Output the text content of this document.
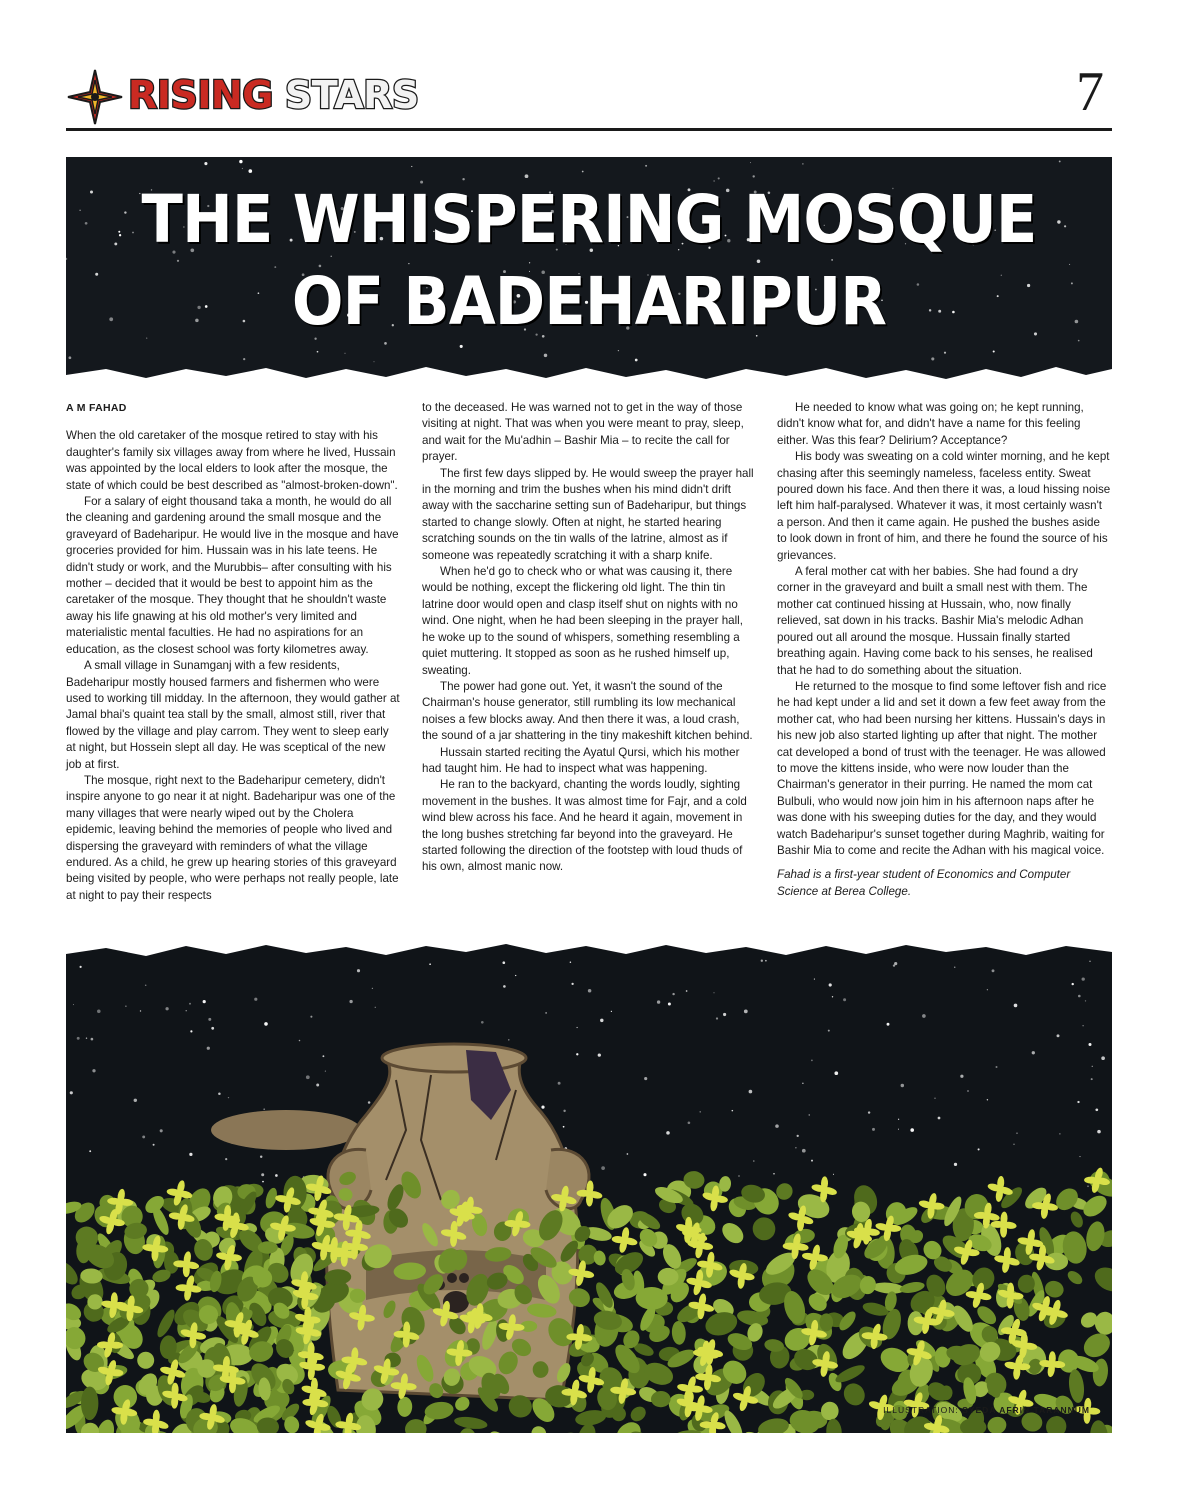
RISING STARS	7
THE WHISPERING MOSQUE
OF BADEHARIPUR
A M FAHAD

When the old caretaker of the mosque retired to stay with his daughter's family six villages away from where he lived, Hussain was appointed by the local elders to look after the mosque, the state of which could be best described as "almost-broken-down".

For a salary of eight thousand taka a month, he would do all the cleaning and gardening around the small mosque and the graveyard of Badeharipur. He would live in the mosque and have groceries provided for him. Hussain was in his late teens. He didn't study or work, and the Murubbis– after consulting with his mother – decided that it would be best to appoint him as the caretaker of the mosque. They thought that he shouldn't waste away his life gnawing at his old mother's very limited and materialistic mental faculties. He had no aspirations for an education, as the closest school was forty kilometres away.

A small village in Sunamganj with a few residents, Badeharipur mostly housed farmers and fishermen who were used to working till midday. In the afternoon, they would gather at Jamal bhai's quaint tea stall by the small, almost still, river that flowed by the village and play carrom. They went to sleep early at night, but Hossein slept all day. He was sceptical of the new job at first.

The mosque, right next to the Badeharipur cemetery, didn't inspire anyone to go near it at night. Badeharipur was one of the many villages that were nearly wiped out by the Cholera epidemic, leaving behind the memories of people who lived and dispersing the graveyard with reminders of what the village endured. As a child, he grew up hearing stories of this graveyard being visited by people, who were perhaps not really people, late at night to pay their respects

to the deceased. He was warned not to get in the way of those visiting at night. That was when you were meant to pray, sleep, and wait for the Mu'adhin – Bashir Mia – to recite the call for prayer.

The first few days slipped by. He would sweep the prayer hall in the morning and trim the bushes when his mind didn't drift away with the saccharine setting sun of Badeharipur, but things started to change slowly. Often at night, he started hearing scratching sounds on the tin walls of the latrine, almost as if someone was repeatedly scratching it with a sharp knife.

When he'd go to check who or what was causing it, there would be nothing, except the flickering old light. The thin tin latrine door would open and clasp itself shut on nights with no wind. One night, when he had been sleeping in the prayer hall, he woke up to the sound of whispers, something resembling a quiet muttering. It stopped as soon as he rushed himself up, sweating.

The power had gone out. Yet, it wasn't the sound of the Chairman's house generator, still rumbling its low mechanical noises a few blocks away. And then there it was, a loud crash, the sound of a jar shattering in the tiny makeshift kitchen behind.

Hussain started reciting the Ayatul Qursi, which his mother had taught him. He had to inspect what was happening.

He ran to the backyard, chanting the words loudly, sighting movement in the bushes. It was almost time for Fajr, and a cold wind blew across his face. And he heard it again, movement in the long bushes stretching far beyond into the graveyard. He started following the direction of the footstep with loud thuds of his own, almost manic now.

He needed to know what was going on; he kept running, didn't know what for, and didn't have a name for this feeling either. Was this fear? Delirium? Acceptance?

His body was sweating on a cold winter morning, and he kept chasing after this seemingly nameless, faceless entity. Sweat poured down his face. And then there it was, a loud hissing noise left him half-paralysed. Whatever it was, it most certainly wasn't a person. And then it came again. He pushed the bushes aside to look down in front of him, and there he found the source of his grievances.

A feral mother cat with her babies. She had found a dry corner in the graveyard and built a small nest with them. The mother cat continued hissing at Hussain, who, now finally relieved, sat down in his tracks. Bashir Mia's melodic Adhan poured out all around the mosque. Hussain finally started breathing again. Having come back to his senses, he realised that he had to do something about the situation.

He returned to the mosque to find some leftover fish and rice he had kept under a lid and set it down a few feet away from the mother cat, who had been nursing her kittens. Hussain's days in his new job also started lighting up after that night. The mother cat developed a bond of trust with the teenager. He was allowed to move the kittens inside, who were now louder than the Chairman's generator in their purring. He named the mom cat Bulbuli, who would now join him in his afternoon naps after he was done with his sweeping duties for the day, and they would watch Badeharipur's sunset together during Maghrib, waiting for Bashir Mia to come and recite the Adhan with his magical voice.

Fahad is a first-year student of Economics and Computer Science at Berea College.

ILLUSTRATION: SYEDA AFRIN TARANNUM
